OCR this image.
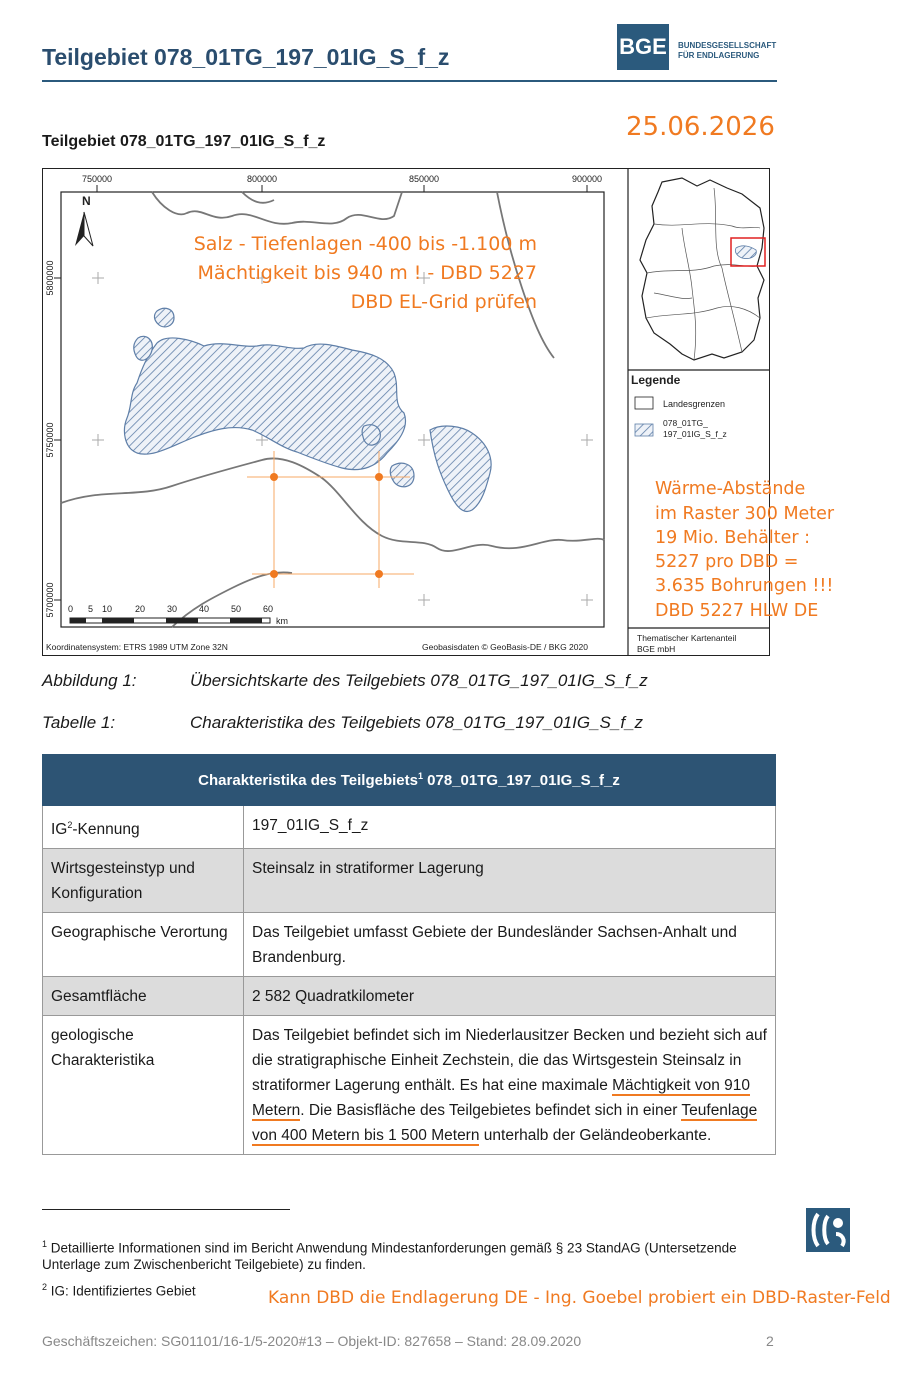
Teilgebiet 078_01TG_197_01IG_S_f_z	BGE BUNDESGESELLSCHAFT
FÜR ENDLAGERUNG
Teilgebiet 078_01TG_197_01IG_S_f_z	25.06.2026
750000	800000	850000	900000
5800000
5750000
5700000
N
0 5 10	20 30 40 50 60
km
Koordinatensystem: ETRS 1989 UTM Zone 32N	Geobasisdaten © GeoBasis-DE / BKG 2020
Legende
Landesgrenzen
078_01TG_
197_01IG_S_f_z
Thematischer Kartenanteil
BGE mbH
Salz - Tiefenlagen -400 bis -1.100 m
Mächtigkeit bis 940 m ! - DBD 5227
DBD EL-Grid prüfen
Wärme-Abstände
im Raster 300 Meter
19 Mio. Behälter :
5227 pro DBD =
3.635 Bohrungen !!!
DBD 5227 HLW DE
Abbildung 1:	Übersichtskarte des Teilgebiets 078_01TG_197_01IG_S_f_z
Tabelle 1:	Charakteristika des Teilgebiets 078_01TG_197_01IG_S_f_z
Charakteristika des Teilgebiets$^1$ 078_01TG_197_01IG_S_f_z	
$IG^2$-Kennung	197_01IG_S_f_z
Wirtsgesteinstyp und Konfiguration	Steinsalz in stratiformer Lagerung
Geographische Verortung	Das Teilgebiet umfasst Gebiete der Bundesländer Sachsen-Anhalt und Brandenburg.
Gesamtfläche	2 582 Quadratkilometer
geologische Charakteristika	Das Teilgebiet befindet sich im Niederlausitzer Becken und bezieht sich auf die stratigraphische Einheit Zechstein, die das Wirtsgestein Steinsalz in stratiformer Lagerung enthält. Es hat eine maximale Mächtigkeit von 910 Metern. Die Basisfläche des Teilgebietes befindet sich in einer Teufenlage von 400 Metern bis 1 500 Metern unterhalb der Geländeoberkante.
$^1$ Detaillierte Informationen sind im Bericht Anwendung Mindestanforderungen gemäß § 23 StandAG (Untersetzende Unterlage zum Zwischenbericht Teilgebiete) zu finden.
$^2$ IG: Identifiziertes Gebiet	Kann DBD die Endlagerung DE - Ing. Goebel probiert ein DBD-Raster-Feld
Geschäftszeichen: SG01101/16-1/5-2020#13 – Objekt-ID: 827658 – Stand: 28.09.2020	2
